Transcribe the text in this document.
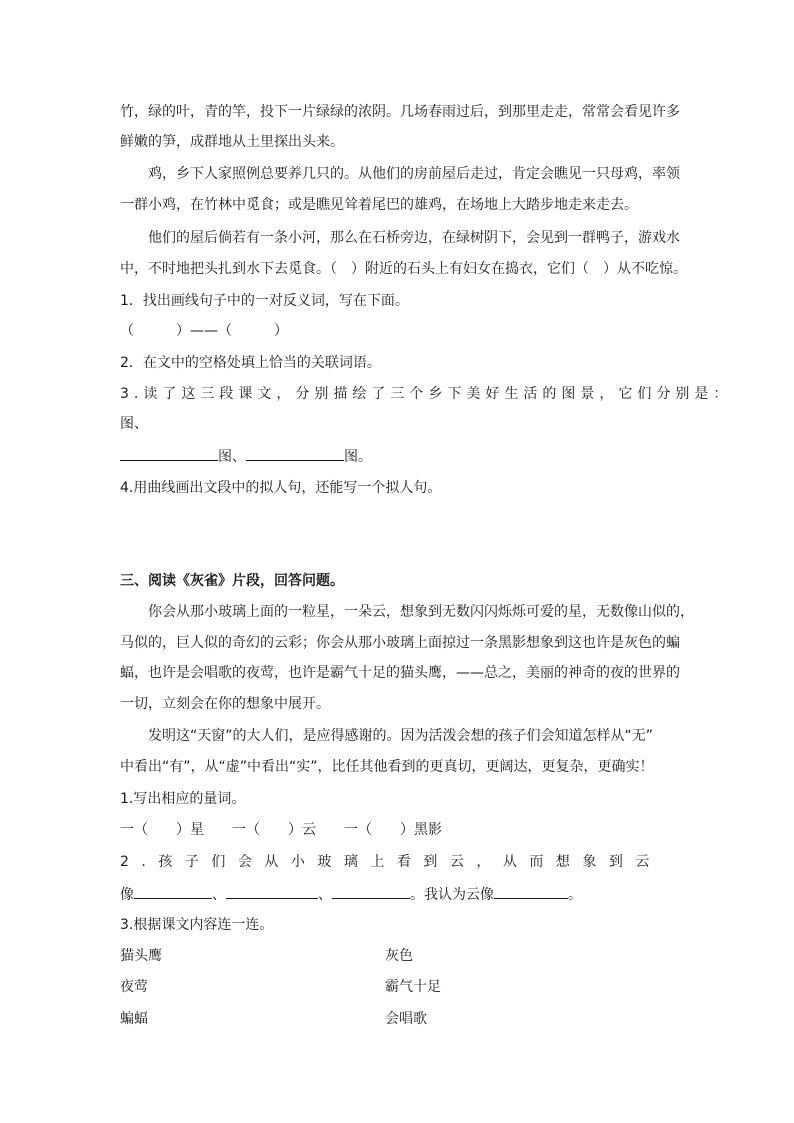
竹，绿的叶，青的竿，投下一片绿绿的浓阴。几场春雨过后，到那里走走，常常会看见许多
鲜嫩的笋，成群地从土里探出头来。
鸡，乡下人家照例总要养几只的。从他们的房前屋后走过，肯定会瞧见一只母鸡，率领
一群小鸡，在竹林中觅食；或是瞧见耸着尾巴的雄鸡，在场地上大踏步地走来走去。
他们的屋后倘若有一条小河，那么在石桥旁边，在绿树阴下，会见到一群鸭子，游戏水
中，不时地把头扎到水下去觅食。（　）附近的石头上有妇女在捣衣，它们（　）从不吃惊。
1．找出画线句子中的一对反义词，写在下面。
（　　　）——（　　　）
2．在文中的空格处填上恰当的关联词语。
3.读了这三段课文，分别描绘了三个乡下美好生活的图景，它们分别是：
图、
图、	图。
4.用曲线画出文段中的拟人句，还能写一个拟人句。
三、阅读《灰雀》片段，回答问题。
你会从那小玻璃上面的一粒星，一朵云，想象到无数闪闪烁烁可爱的星，无数像山似的，
马似的，巨人似的奇幻的云彩；你会从那小玻璃上面掠过一条黑影想象到这也许是灰色的蝙
蝠，也许是会唱歌的夜莺，也许是霸气十足的猫头鹰，——总之，美丽的神奇的夜的世界的
一切，立刻会在你的想象中展开。
发明这“天窗”的大人们，是应得感谢的。因为活泼会想的孩子们会知道怎样从“无”
中看出“有”，从“虚”中看出“实”，比任其他看到的更真切，更阔达，更复杂，更确实！
1.写出相应的量词。
一（　　）星　　一（　　）云　　一（　　）黑影
2.孩子们会从小玻璃上看到云，从而想象到云
像	、	、	。我认为云像	。
3.根据课文内容连一连。
猫头鹰	灰色
夜莺	霸气十足
蝙蝠	会唱歌
